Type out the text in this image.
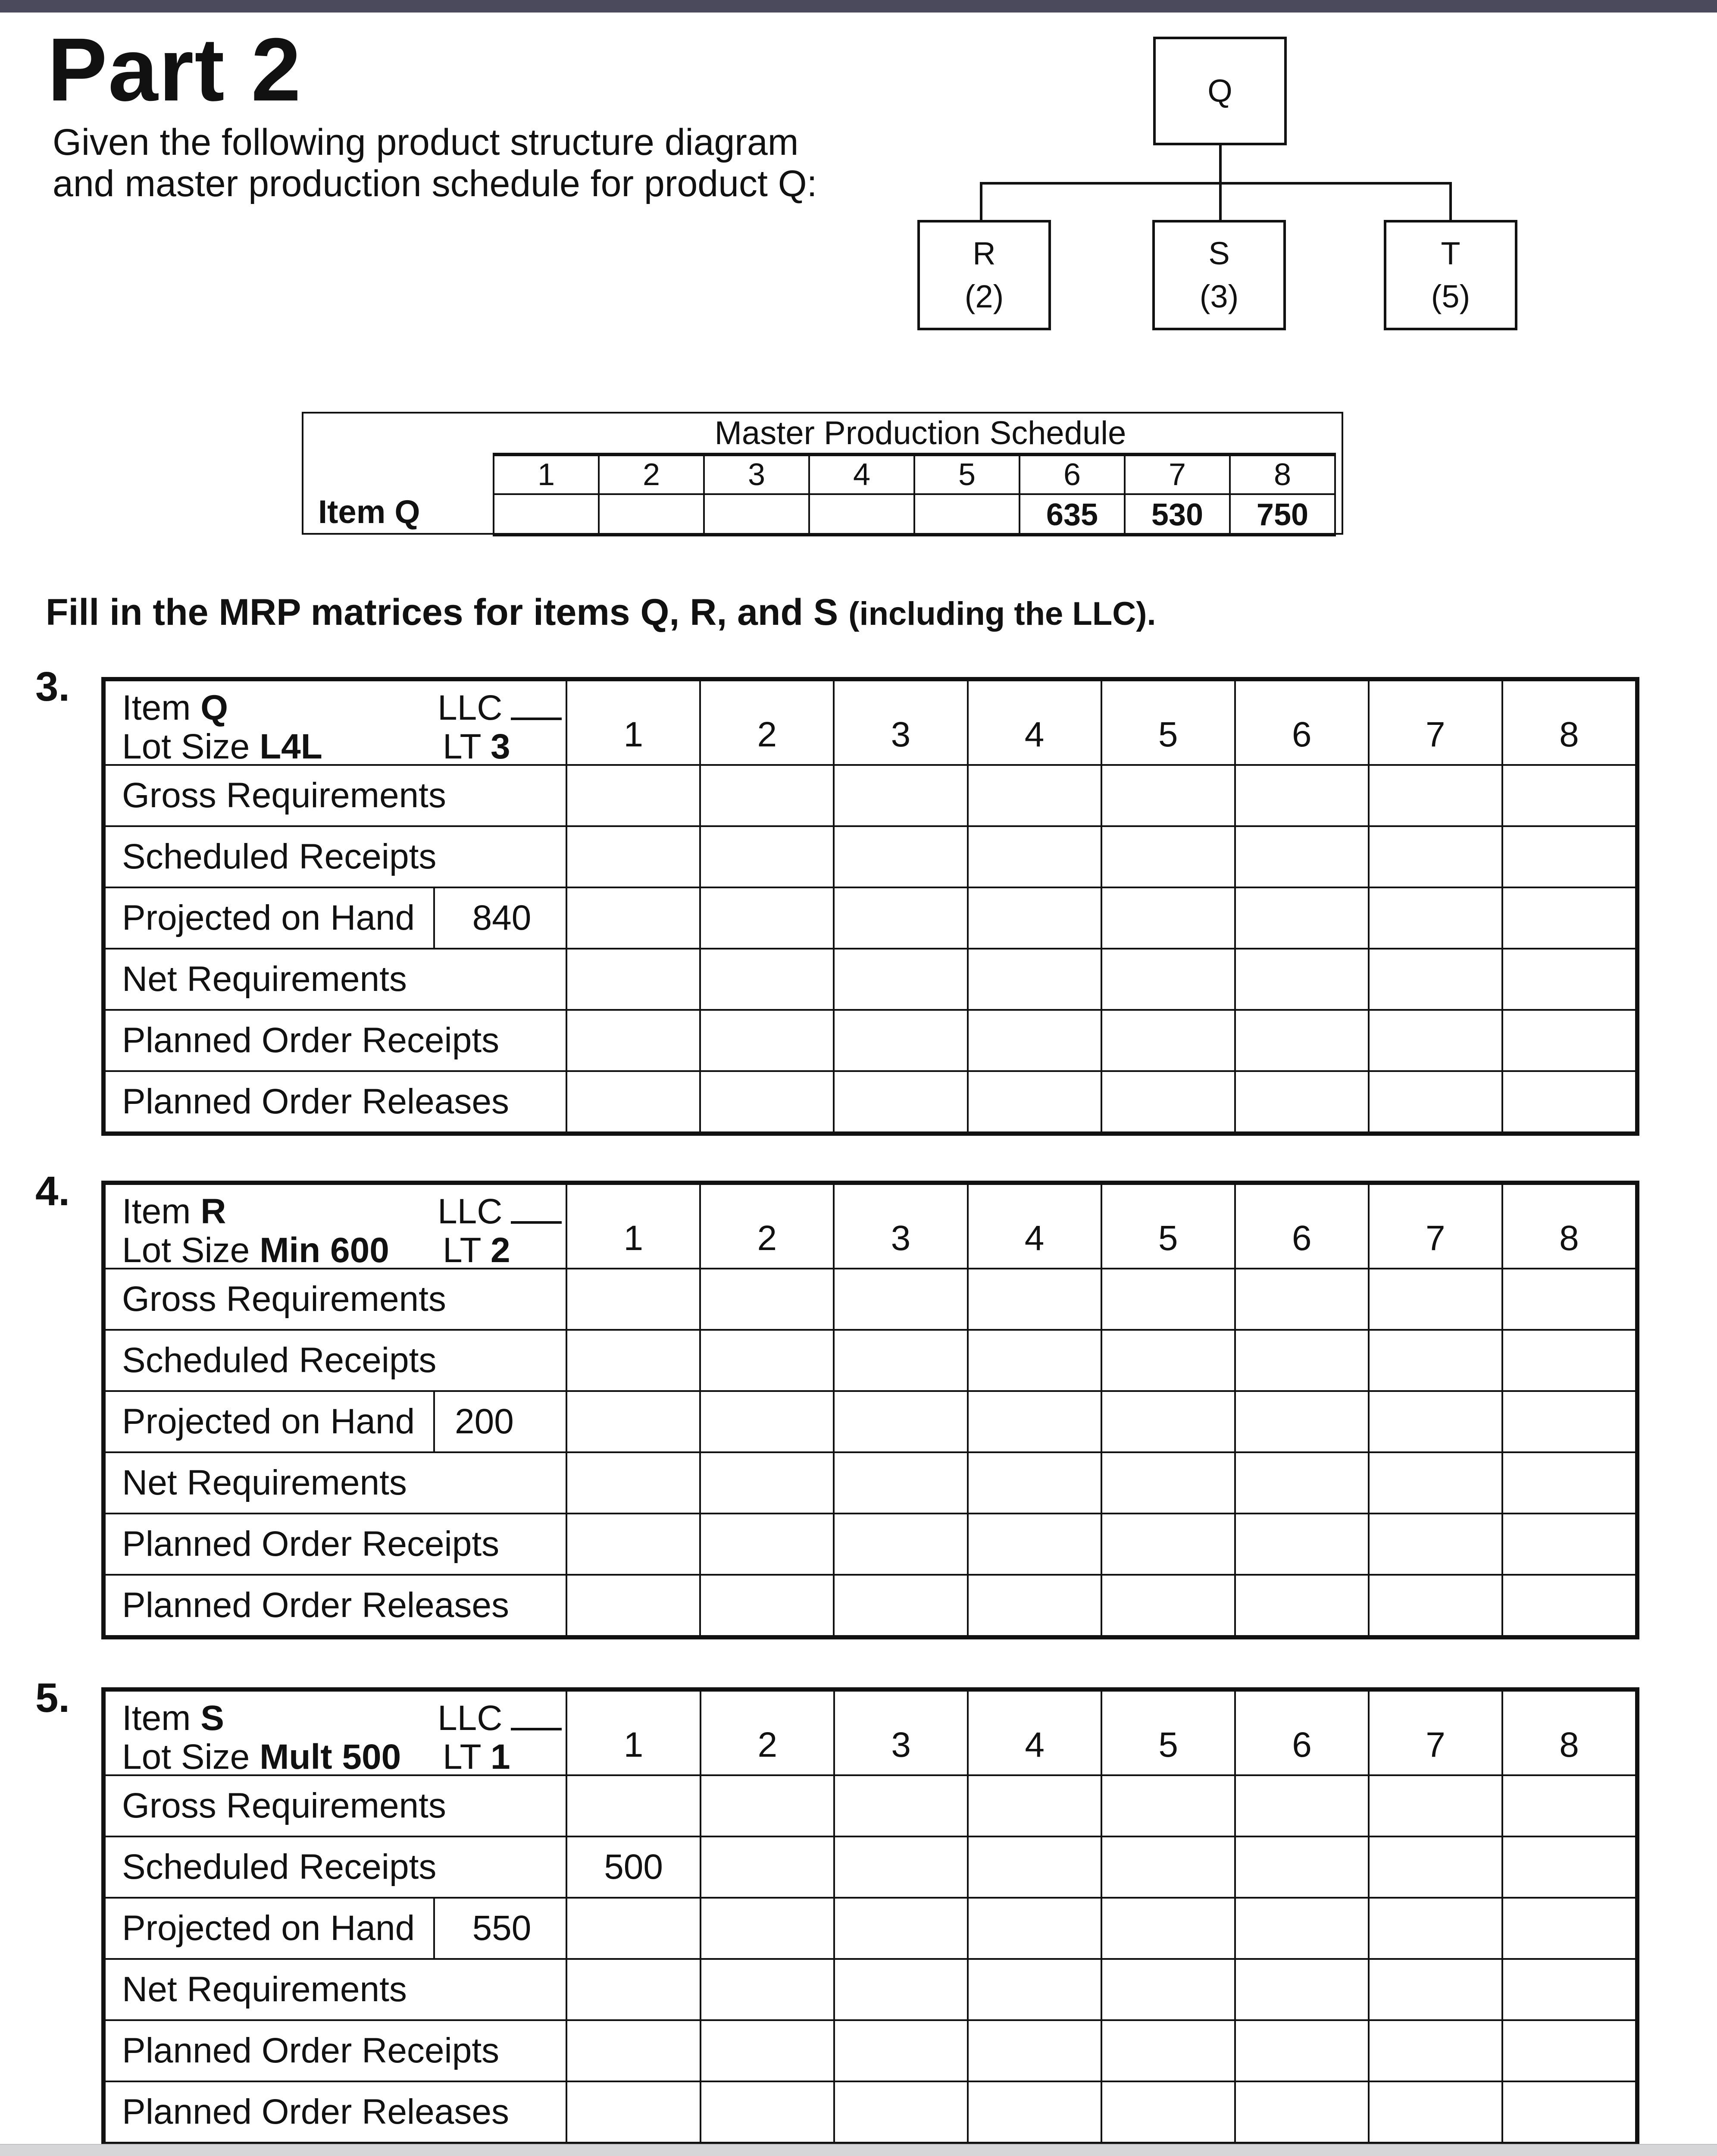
Part 2
Given the following product structure diagram
and master production schedule for product Q:
Q
R
(2)
S
(3)
T
(5)
Master Production Schedule
Item Q
1	2	3	4	5	6	7	8
					635	530	750
Fill in the MRP matrices for items Q, R, and S (including the LLC).
3. Item Q
Lot Size L4L
LLC
LT 3	1	2	3	4	5	6	7	8
Gross Requirements								
Scheduled Receipts								

Projected on Hand 840								

Net Requirements								
Planned Order Receipts								
Planned Order Releases								
4. Item R
Lot Size Min 600
LLC
LT 2	1	2	3	4	5	6	7	8
Gross Requirements								
Scheduled Receipts								

Projected on Hand 200								

Net Requirements								
Planned Order Receipts								
Planned Order Releases								
5. Item S
Lot Size Mult 500
LLC
LT 1	1	2	3	4	5	6	7	8
Gross Requirements								
Scheduled Receipts	500							

Projected on Hand 550								

Net Requirements								
Planned Order Receipts								
Planned Order Releases								
